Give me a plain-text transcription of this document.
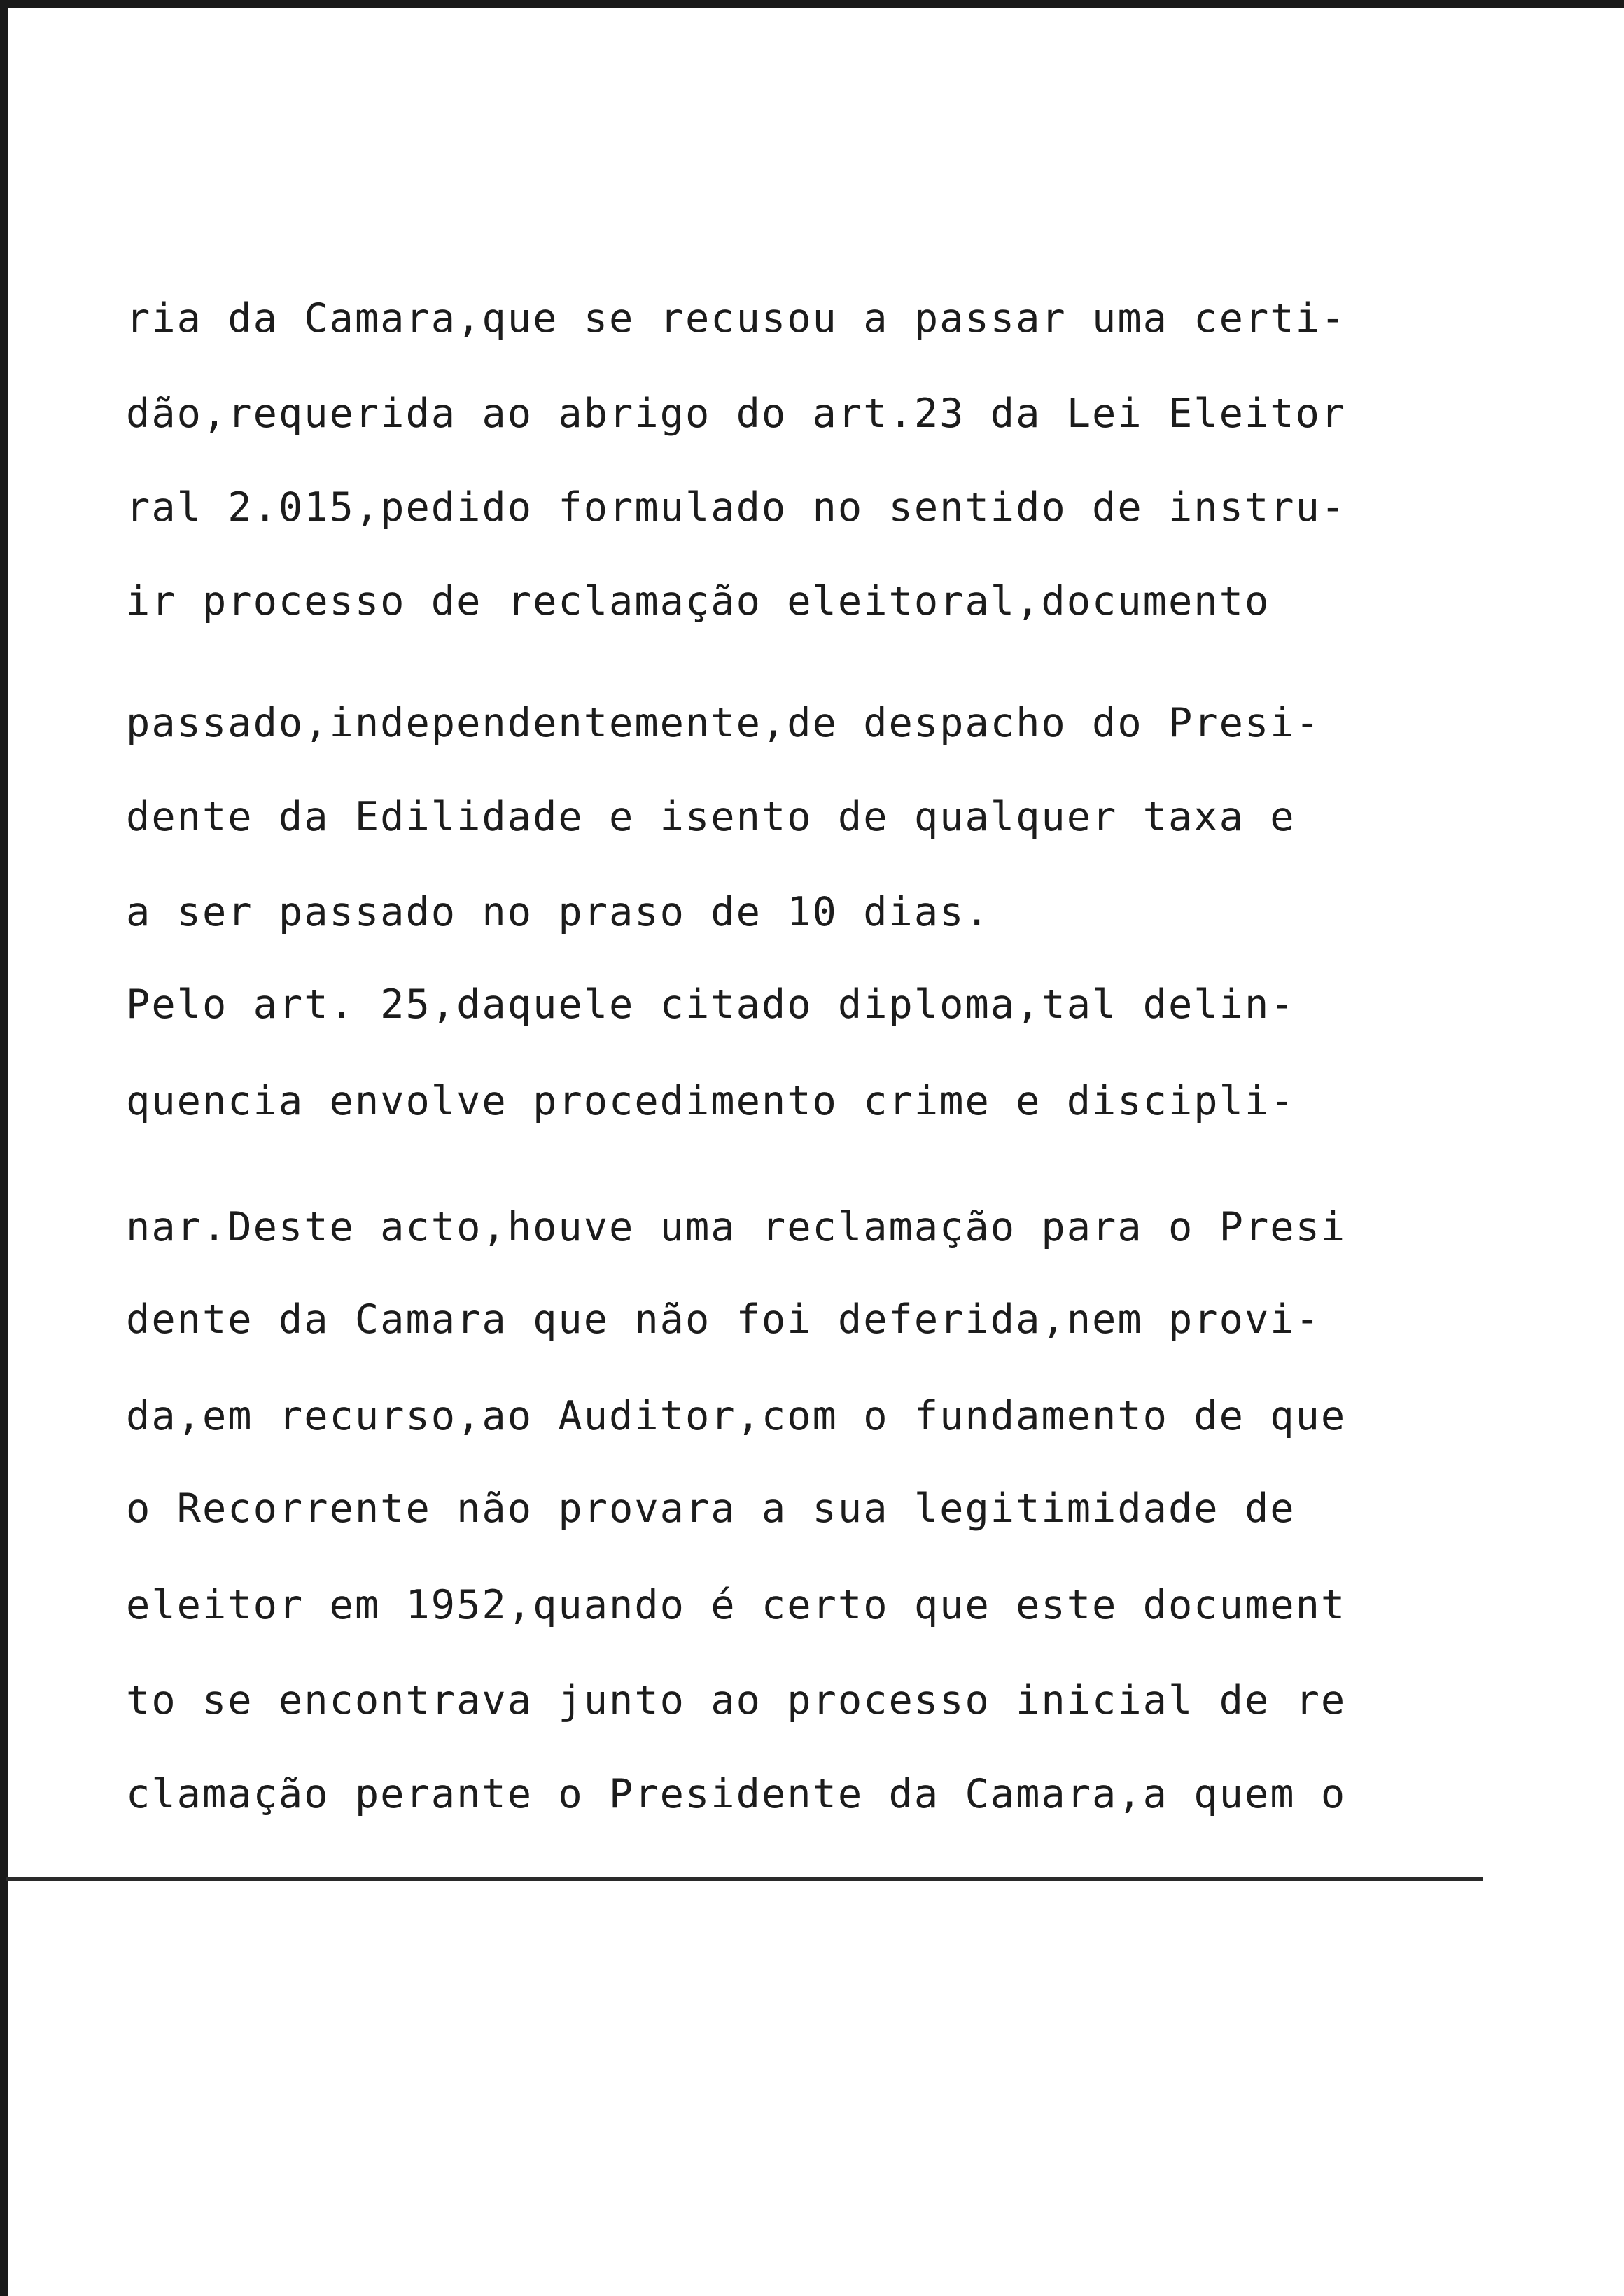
ria da Camara,que se recusou a passar uma certi-
dão,requerida ao abrigo do art.23 da Lei Eleitor
ral 2.015,pedido formulado no sentido de instru-
ir processo de reclamação eleitoral,documento
passado,independentemente,de despacho do Presi-
dente da Edilidade e isento de qualquer taxa e
a ser passado no praso de 10 dias.
Pelo art. 25,daquele citado diploma,tal delin-
quencia envolve procedimento crime e discipli-
nar.Deste acto,houve uma reclamação para o Presi
dente da Camara que não foi deferida,nem provi-
da,em recurso,ao Auditor,com o fundamento de que
o Recorrente não provara a sua legitimidade de
eleitor em 1952,quando é certo que este document
to se encontrava junto ao processo inicial de re
clamação perante o Presidente da Camara,a quem o
